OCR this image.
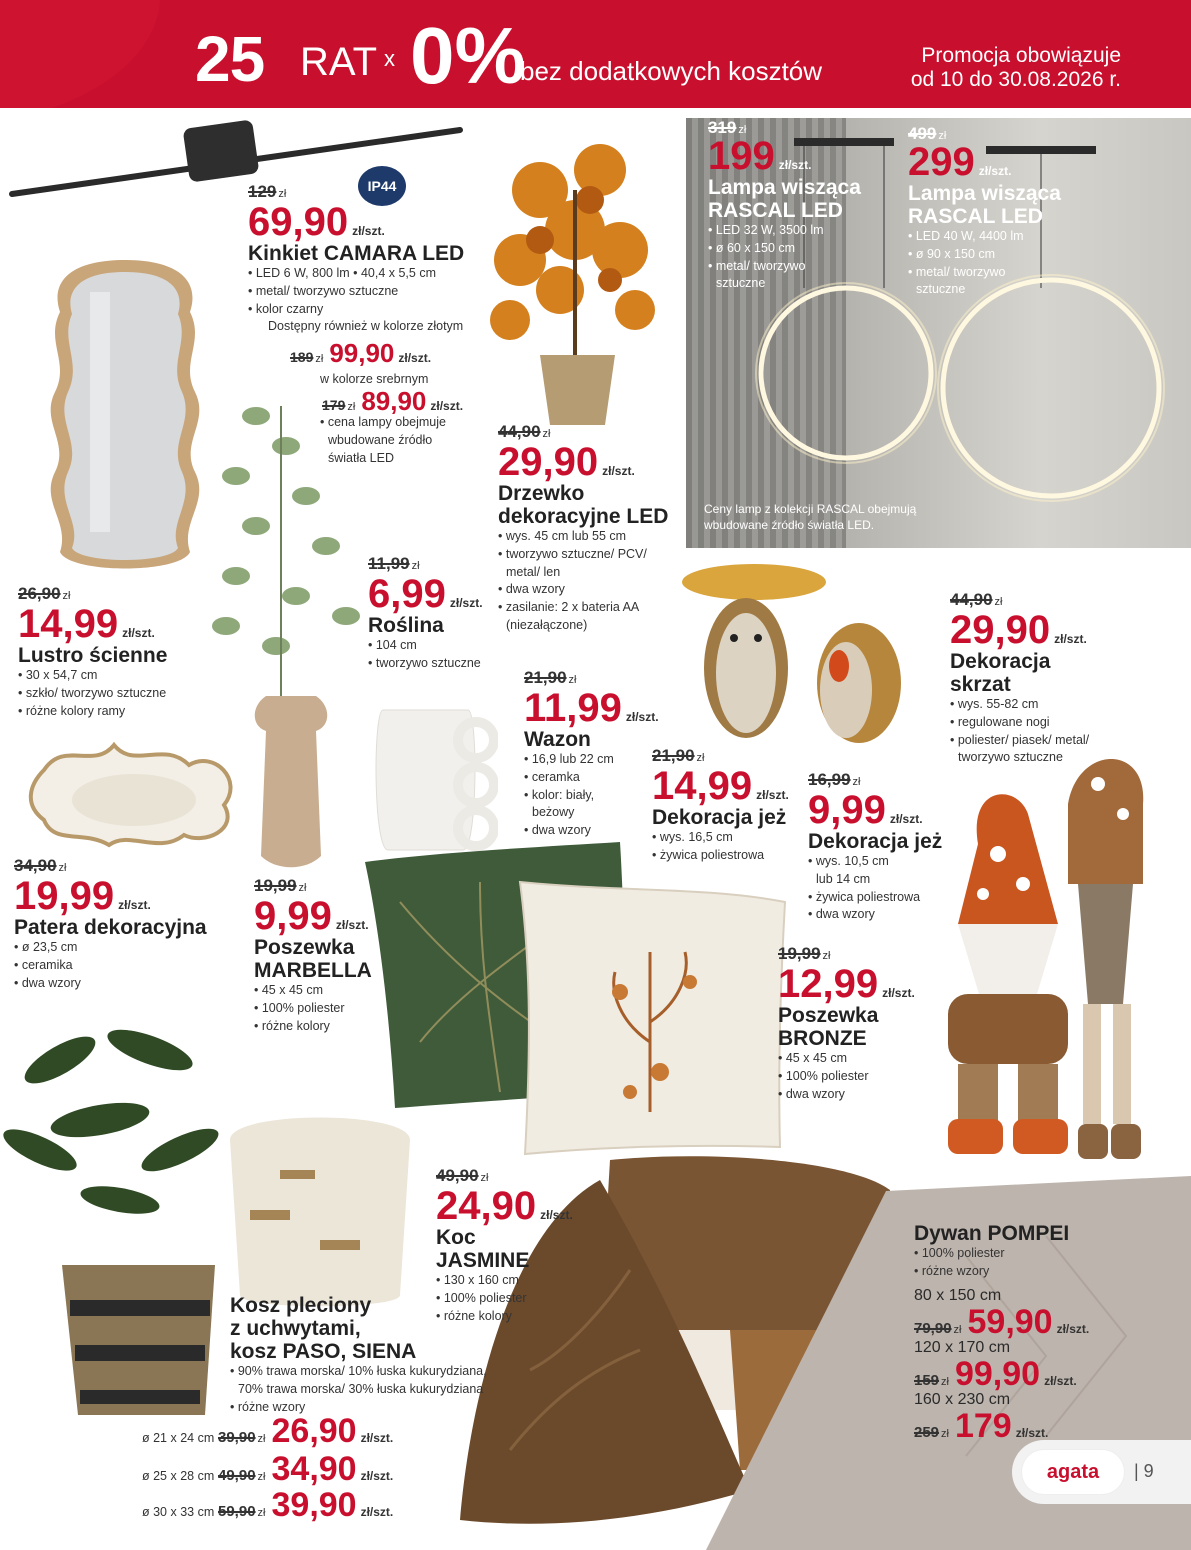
25 RAT x 0%
bez dodatkowych kosztów
Promocja obowiązuje
od 10 do 30.08.2026 r.
319 zł
199 zł/szt.
Lampa wisząca
RASCAL LED
• LED 32 W, 3500 lm
• ø 60 x 150 cm
• metal/ tworzywo
sztuczne
499 zł
299 zł/szt.
Lampa wisząca
RASCAL LED
• LED 40 W, 4400 lm
• ø 90 x 150 cm
• metal/ tworzywo
sztuczne
Ceny lamp z kolekcji RASCAL obejmują
wbudowane źródło światła LED.
IP44
129 zł
69,90 zł/szt.
Kinkiet CAMARA LED
• LED 6 W, 800 lm • 40,4 x 5,5 cm
• metal/ tworzywo sztuczne
• kolor czarny
Dostępny również w kolorze złotym
189 zł 99,90 zł/szt.
w kolorze srebrnym
179 zł 89,90 zł/szt.
• cena lampy obejmuje
wbudowane źródło
światła LED
44,90 zł
29,90 zł/szt.
Drzewko
dekoracyjne LED
• wys. 45 cm lub 55 cm
• tworzywo sztuczne/ PCV/
metal/ len
• dwa wzory
• zasilanie: 2 x bateria AA
(niezałączone)
26,90 zł
14,99 zł/szt.
Lustro ścienne
• 30 x 54,7 cm
• szkło/ tworzywo sztuczne
• różne kolory ramy
11,99 zł
6,99 zł/szt.
Roślina
• 104 cm
• tworzywo sztuczne
21,90 zł
11,99 zł/szt.
Wazon
• 16,9 lub 22 cm
• ceramka
• kolor: biały,
beżowy
• dwa wzory
44,90 zł
29,90 zł/szt.
Dekoracja
skrzat
• wys. 55-82 cm
• regulowane nogi
• poliester/ piasek/ metal/
tworzywo sztuczne
21,90 zł
14,99 zł/szt.
Dekoracja jeż
• wys. 16,5 cm
• żywica poliestrowa
16,99 zł
9,99 zł/szt.
Dekoracja jeż
• wys. 10,5 cm
lub 14 cm
• żywica poliestrowa
• dwa wzory
34,90 zł
19,99 zł/szt.
Patera dekoracyjna
• ø 23,5 cm
• ceramika
• dwa wzory
19,99 zł
9,99 zł/szt.
Poszewka
MARBELLA
• 45 x 45 cm
• 100% poliester
• różne kolory
19,99 zł
12,99 zł/szt.
Poszewka
BRONZE
• 45 x 45 cm
• 100% poliester
• dwa wzory
49,90 zł
24,90 zł/szt.
Koc
JASMINE
• 130 x 160 cm
• 100% poliester
• różne kolory
Kosz pleciony
z uchwytami,
kosz PASO, SIENA
• 90% trawa morska/ 10% łuska kukurydziana,
70% trawa morska/ 30% łuska kukurydziana
• różne wzory
ø 21 x 24 cm 39,90 zł 26,90 zł/szt.
ø 25 x 28 cm 49,90 zł 34,90 zł/szt.
ø 30 x 33 cm 59,90 zł 39,90 zł/szt.
Dywan POMPEI
• 100% poliester
• różne wzory
80 x 150 cm
79,90 zł 59,90 zł/szt.
120 x 170 cm
159 zł 99,90 zł/szt.
160 x 230 cm
259 zł 179 zł/szt.
agata | 9
